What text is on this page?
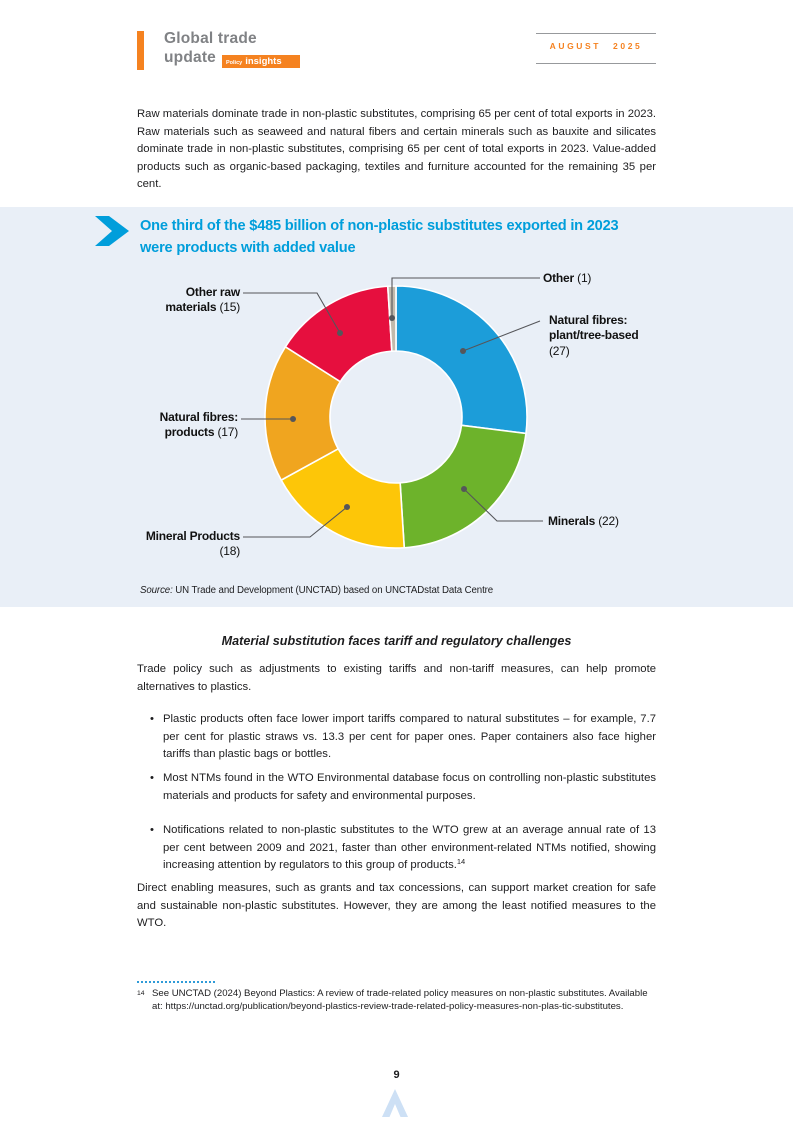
Global trade
update	Policy insights
AUGUST 2025
Raw materials dominate trade in non-plastic substitutes, comprising 65 per cent of total exports in 2023. Raw materials such as seaweed and natural fibers and certain minerals such as bauxite and silicates dominate trade in non-plastic substitutes, comprising 65 per cent of total exports in 2023. Value-added products such as organic-based packaging, textiles and furniture accounted for the remaining 35 per cent.
One third of the $485 billion of non-plastic substitutes exported in 2023 were products with added value
Source: UN Trade and Development (UNCTAD) based on UNCTADstat Data Centre
Natural fibres:
plant/tree-based
(27)
Minerals (22)
Mineral Products
(18)
Natural fibres:
products (17)
Other raw
materials (15)
Other (1)
Material substitution faces tariff and regulatory challenges
Trade policy such as adjustments to existing tariffs and non-tariff measures, can help promote alternatives to plastics.
• Plastic products often face lower import tariffs compared to natural substitutes – for example, 7.7 per cent for plastic straws vs. 13.3 per cent for paper ones. Paper containers also face higher tariffs than plastic bags or bottles.
• Most NTMs found in the WTO Environmental database focus on controlling non-plastic substitutes materials and products for safety and environmental purposes.
• Notifications related to non-plastic substitutes to the WTO grew at an average annual rate of 13 per cent between 2009 and 2021, faster than other environment-related NTMs notified, showing increasing attention by regulators to this group of products.$^{14}$
Direct enabling measures, such as grants and tax concessions, can support market creation for safe and sustainable non-plastic substitutes. However, they are among the least notified measures to the WTO.
14 See UNCTAD (2024) Beyond Plastics: A review of trade-related policy measures on non-plastic substitutes. Available at: https://unctad.org/publication/beyond-plastics-review-trade-related-policy-measures-non-plas-tic-substitutes.
9
